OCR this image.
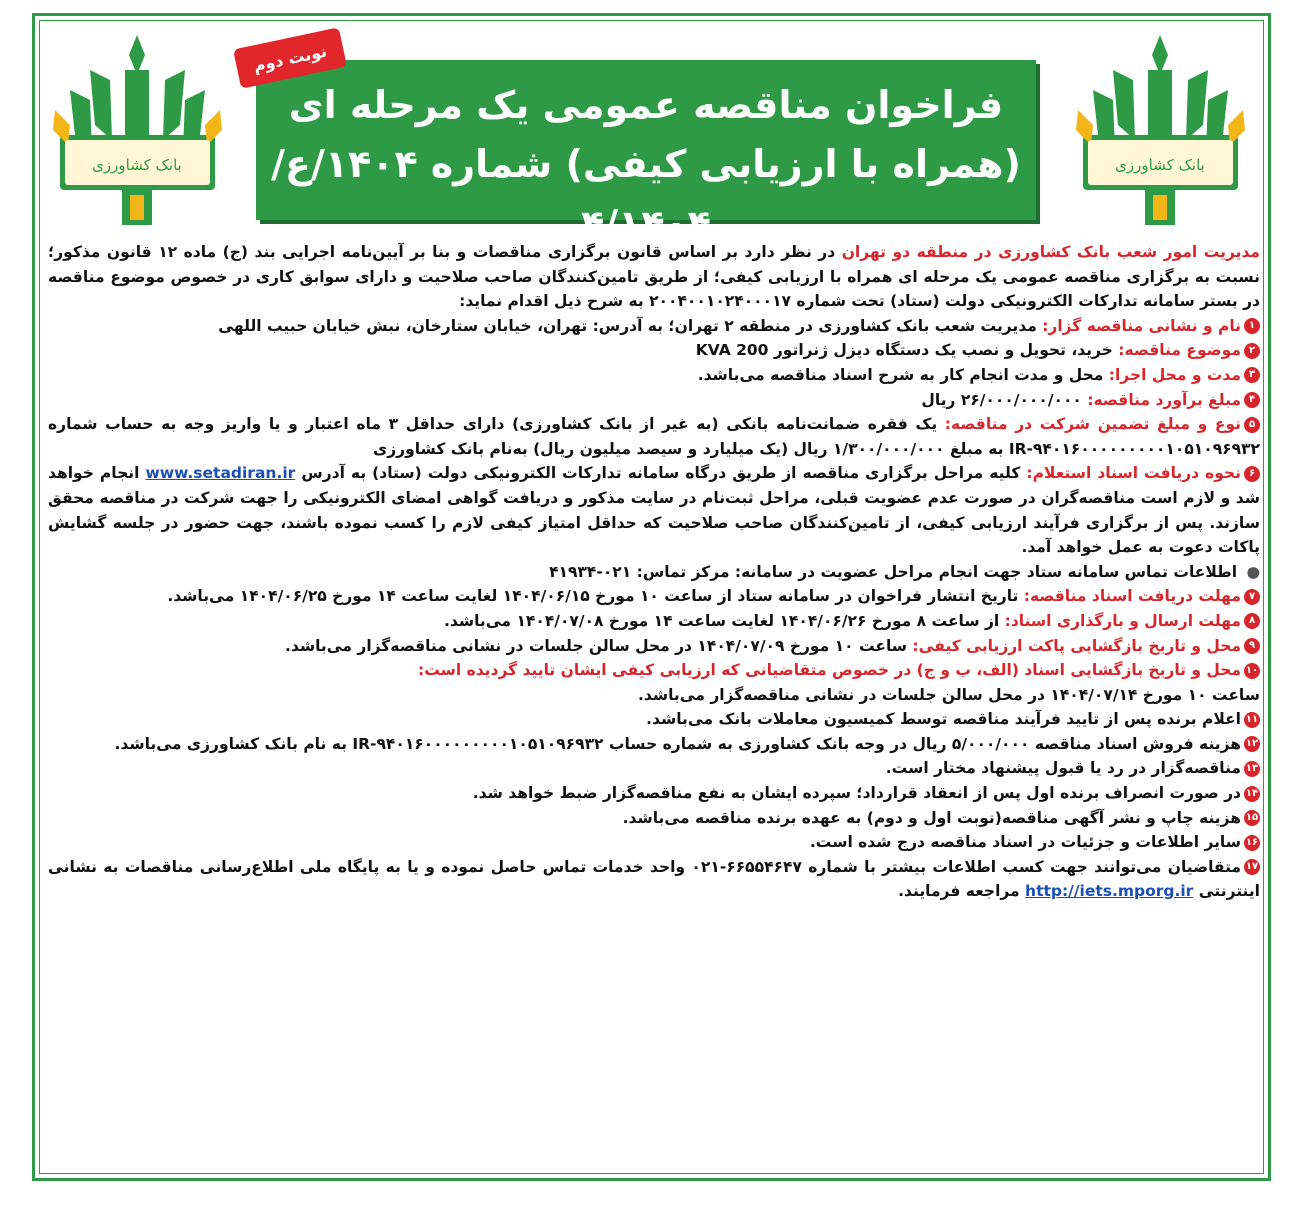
بانک کشاورزی	بانک کشاورزی
فراخوان مناقصه عمومی یک مرحله ای
(همراه با ارزیابی کیفی) شماره ۱۴۰۴/ع/۴/۱۴۰۴
نوبت دوم

مدیریت امور شعب بانک کشاورزی در منطقه دو تهران در نظر دارد بر اساس قانون برگزاری مناقصات و بنا بر آیین‌نامه اجرایی بند (ج) ماده ۱۲ قانون مذکور؛ نسبت به برگزاری مناقصه عمومی یک مرحله ای همراه با ارزیابی کیفی؛ از طریق تامین‌کنندگان صاحب صلاحیت و دارای سوابق کاری در خصوص موضوع مناقصه در بستر سامانه تدارکات الکترونیکی دولت (ستاد) تحت شماره ۲۰۰۴۰۰۱۰۲۴۰۰۰۱۷ به شرح ذیل اقدام نماید:

۱نام و نشانی مناقصه گزار: مدیریت شعب بانک کشاورزی در منطقه ۲ تهران؛ به آدرس: تهران، خیابان ستارخان، نبش خیابان حبیب اللهی

۲موضوع مناقصه: خرید، تحویل و نصب یک دستگاه دیزل ژنراتور 200 KVA

۳مدت و محل اجرا: محل و مدت انجام کار به شرح اسناد مناقصه می‌باشد.

۴مبلغ برآورد مناقصه: ۲۶/۰۰۰/۰۰۰/۰۰۰ ریال

۵نوع و مبلغ تضمین شرکت در مناقصه: یک فقره ضمانت‌نامه بانکی (به غیر از بانک کشاورزی) دارای حداقل ۳ ماه اعتبار و یا واریز وجه به حساب شماره IR-۹۴۰۱۶۰۰۰۰۰۰۰۰۰۱۰۵۱۰۹۶۹۳۲ به مبلغ ۱/۳۰۰/۰۰۰/۰۰۰ ریال (یک میلیارد و سیصد میلیون ریال) به‌نام بانک کشاورزی

۶نحوه دریافت اسناد استعلام: کلیه مراحل برگزاری مناقصه از طریق درگاه سامانه تدارکات الکترونیکی دولت (ستاد) به آدرس www.setadiran.ir انجام خواهد شد و لازم است مناقصه‌گران در صورت عدم عضویت قبلی، مراحل ثبت‌نام در سایت مذکور و دریافت گواهی امضای الکترونیکی را جهت شرکت در مناقصه محقق سازند. پس از برگزاری فرآیند ارزیابی کیفی، از تامین‌کنندگان صاحب صلاحیت که حداقل امتیاز کیفی لازم را کسب نموده باشند، جهت حضور در جلسه گشایش پاکات دعوت به عمل خواهد آمد.

● اطلاعات تماس سامانه ستاد جهت انجام مراحل عضویت در سامانه: مرکز تماس: ۰۲۱-۴۱۹۳۴

۷مهلت دریافت اسناد مناقصه: تاریخ انتشار فراخوان در سامانه ستاد از ساعت ۱۰ مورخ ۱۴۰۴/۰۶/۱۵ لغایت ساعت ۱۴ مورخ ۱۴۰۴/۰۶/۲۵ می‌باشد.

۸مهلت ارسال و بارگذاری اسناد: از ساعت ۸ مورخ ۱۴۰۴/۰۶/۲۶ لغایت ساعت ۱۴ مورخ ۱۴۰۴/۰۷/۰۸ می‌باشد.

۹محل و تاریخ بازگشایی پاکت ارزیابی کیفی: ساعت ۱۰ مورخ ۱۴۰۴/۰۷/۰۹ در محل سالن جلسات در نشانی مناقصه‌گزار می‌باشد.

۱۰محل و تاریخ بازگشایی اسناد (الف، ب و ج) در خصوص متقاضیانی که ارزیابی کیفی ایشان تایید گردیده است:

ساعت ۱۰ مورخ ۱۴۰۴/۰۷/۱۴ در محل سالن جلسات در نشانی مناقصه‌گزار می‌باشد.

۱۱اعلام برنده پس از تایید فرآیند مناقصه توسط کمیسیون معاملات بانک می‌باشد.

۱۲هزینه فروش اسناد مناقصه ۵/۰۰۰/۰۰۰ ریال در وجه بانک کشاورزی به شماره حساب IR-۹۴۰۱۶۰۰۰۰۰۰۰۰۰۱۰۵۱۰۹۶۹۳۲ به نام بانک کشاورزی می‌باشد.

۱۳مناقصه‌گزار در رد یا قبول پیشنهاد مختار است.

۱۴در صورت انصراف برنده اول پس از انعقاد قرارداد؛ سپرده ایشان به نفع مناقصه‌گزار ضبط خواهد شد.

۱۵هزینه چاپ و نشر آگهی مناقصه(نوبت اول و دوم) به عهده برنده مناقصه می‌باشد.

۱۶سایر اطلاعات و جزئیات در اسناد مناقصه درج شده است.

۱۷متقاضیان می‌توانند جهت کسب اطلاعات بیشتر با شماره ۶۶۵۵۴۶۴۷-۰۲۱ واحد خدمات تماس حاصل نموده و یا به پایگاه ملی اطلاع‌رسانی مناقصات به نشانی اینترنتی http://iets.mporg.ir مراجعه فرمایند.
